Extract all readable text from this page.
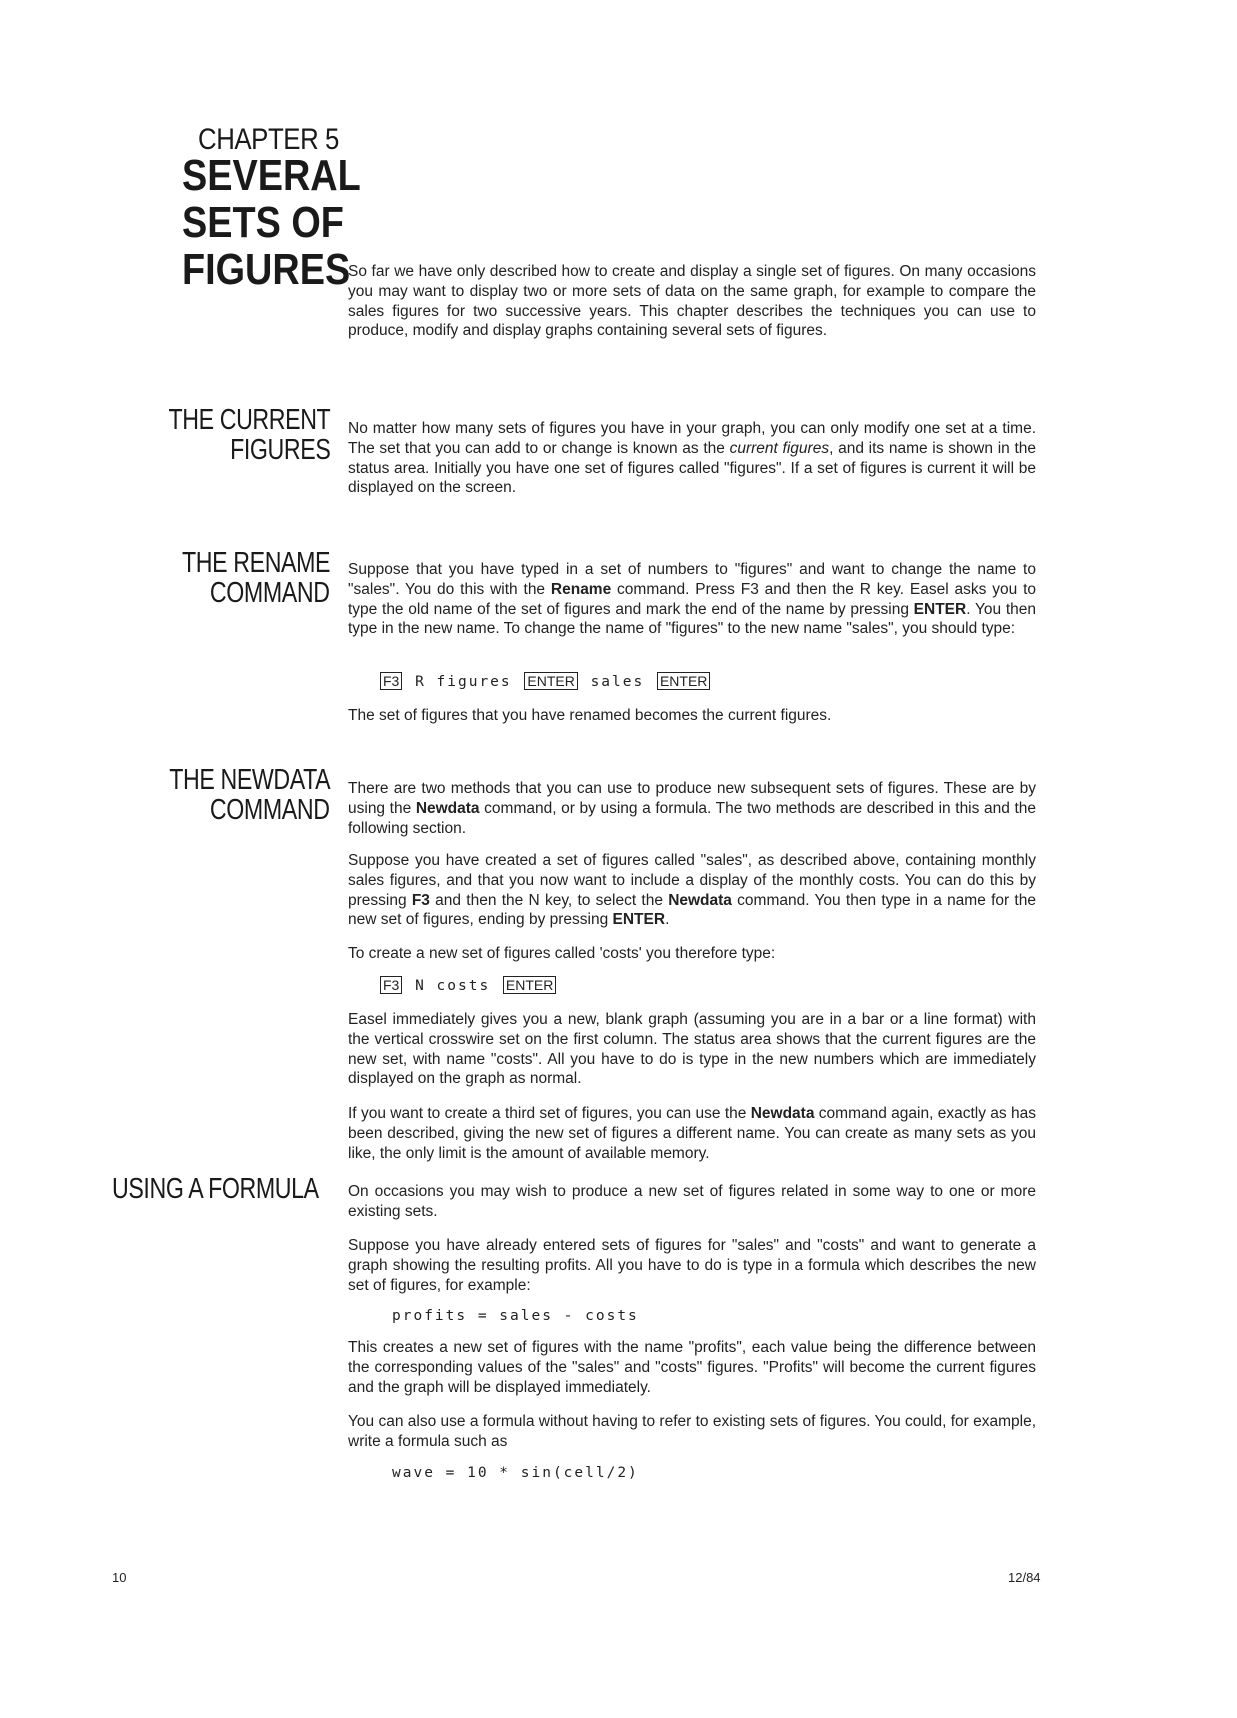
CHAPTER 5
SEVERAL
SETS OF
FIGURES

So far we have only described how to create and display a single set of figures. On many occasions you may want to display two or more sets of data on the same graph, for example to compare the sales figures for two successive years. This chapter describes the techniques you can use to produce, modify and display graphs containing several sets of figures.

THE CURRENT
FIGURES

No matter how many sets of figures you have in your graph, you can only modify one set at a time. The set that you can add to or change is known as the current figures, and its name is shown in the status area. Initially you have one set of figures called "figures". If a set of figures is current it will be displayed on the screen.

THE RENAME
COMMAND

Suppose that you have typed in a set of numbers to "figures" and want to change the name to "sales". You do this with the Rename command. Press F3 and then the R key. Easel asks you to type the old name of the set of figures and mark the end of the name by pressing ENTER. You then type in the new name. To change the name of "figures" to the new name "sales", you should type:

F3 R figures ENTER sales ENTER

The set of figures that you have renamed becomes the current figures.

THE NEWDATA
COMMAND

There are two methods that you can use to produce new subsequent sets of figures. These are by using the Newdata command, or by using a formula. The two methods are described in this and the following section.

Suppose you have created a set of figures called "sales", as described above, containing monthly sales figures, and that you now want to include a display of the monthly costs. You can do this by pressing F3 and then the N key, to select the Newdata command. You then type in a name for the new set of figures, ending by pressing ENTER.

To create a new set of figures called 'costs' you therefore type:

F3 N costs ENTER

Easel immediately gives you a new, blank graph (assuming you are in a bar or a line format) with the vertical crosswire set on the first column. The status area shows that the current figures are the new set, with name "costs". All you have to do is type in the new numbers which are immediately displayed on the graph as normal.

If you want to create a third set of figures, you can use the Newdata command again, exactly as has been described, giving the new set of figures a different name. You can create as many sets as you like, the only limit is the amount of available memory.

USING A FORMULA	On occasions you may wish to produce a new set of figures related in some way to one or more existing sets.

Suppose you have already entered sets of figures for "sales" and "costs" and want to generate a graph showing the resulting profits. All you have to do is type in a formula which describes the new set of figures, for example:

profits = sales - costs

This creates a new set of figures with the name "profits", each value being the difference between the corresponding values of the "sales" and "costs" figures. "Profits" will become the current figures and the graph will be displayed immediately.

You can also use a formula without having to refer to existing sets of figures. You could, for example, write a formula such as

wave = 10 * sin(cell/2)
10	12/84
